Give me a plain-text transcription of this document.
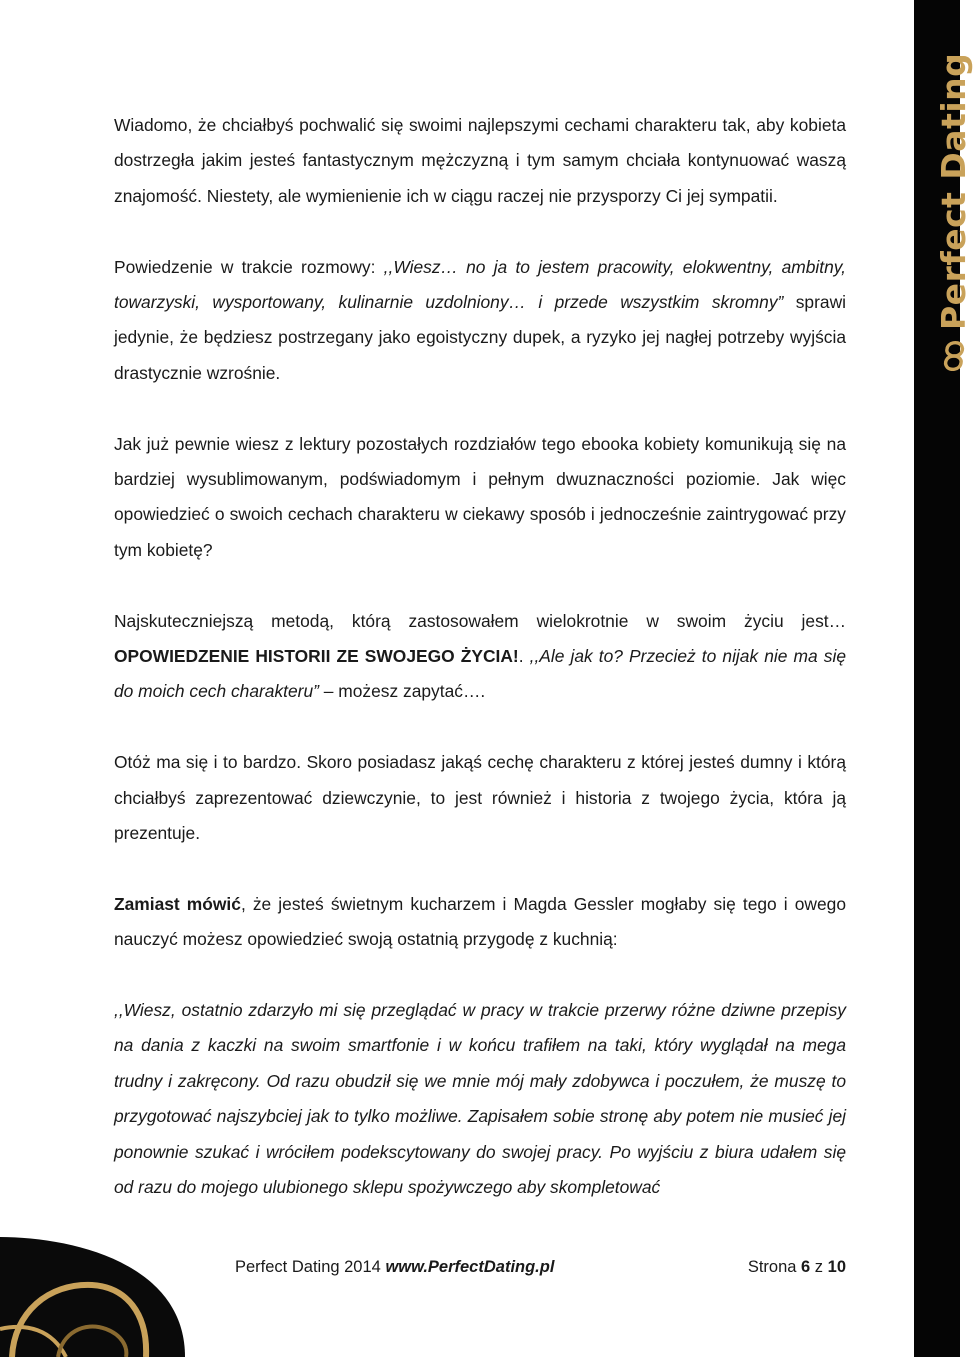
Perfect Dating

Wiadomo, że chciałbyś pochwalić się swoimi najlepszymi cechami charakteru tak, aby kobieta dostrzegła jakim jesteś fantastycznym mężczyzną i tym samym chciała kontynuować waszą znajomość. Niestety, ale wymienienie ich w ciągu raczej nie przysporzy Ci jej sympatii.

Powiedzenie w trakcie rozmowy: ,,Wiesz… no ja to jestem pracowity, elokwentny, ambitny, towarzyski, wysportowany, kulinarnie uzdolniony… i przede wszystkim skromny” sprawi jedynie, że będziesz postrzegany jako egoistyczny dupek, a ryzyko jej nagłej potrzeby wyjścia drastycznie wzrośnie.

Jak już pewnie wiesz z lektury pozostałych rozdziałów tego ebooka kobiety komunikują się na bardziej wysublimowanym, podświadomym i pełnym dwuznaczności poziomie. Jak więc opowiedzieć o swoich cechach charakteru w ciekawy sposób i jednocześnie zaintrygować przy tym kobietę?

Najskuteczniejszą metodą, którą zastosowałem wielokrotnie w swoim życiu jest… OPOWIEDZENIE HISTORII ZE SWOJEGO ŻYCIA!. ,,Ale jak to? Przecież to nijak nie ma się do moich cech charakteru” – możesz zapytać….

Otóż ma się i to bardzo. Skoro posiadasz jakąś cechę charakteru z której jesteś dumny i którą chciałbyś zaprezentować dziewczynie, to jest również i historia z twojego życia, która ją prezentuje.

Zamiast mówić, że jesteś świetnym kucharzem i Magda Gessler mogłaby się tego i owego nauczyć możesz opowiedzieć swoją ostatnią przygodę z kuchnią:

,,Wiesz, ostatnio zdarzyło mi się przeglądać w pracy w trakcie przerwy różne dziwne przepisy na dania z kaczki na swoim smartfonie i w końcu trafiłem na taki, który wyglądał na mega trudny i zakręcony. Od razu obudził się we mnie mój mały zdobywca i poczułem, że muszę to przygotować najszybciej jak to tylko możliwe. Zapisałem sobie stronę aby potem nie musieć jej ponownie szukać i wróciłem podekscytowany do swojej pracy. Po wyjściu z biura udałem się od razu do mojego ulubionego sklepu spożywczego aby skompletować

Perfect Dating 2014 www.PerfectDating.pl	Strona 6 z 10
